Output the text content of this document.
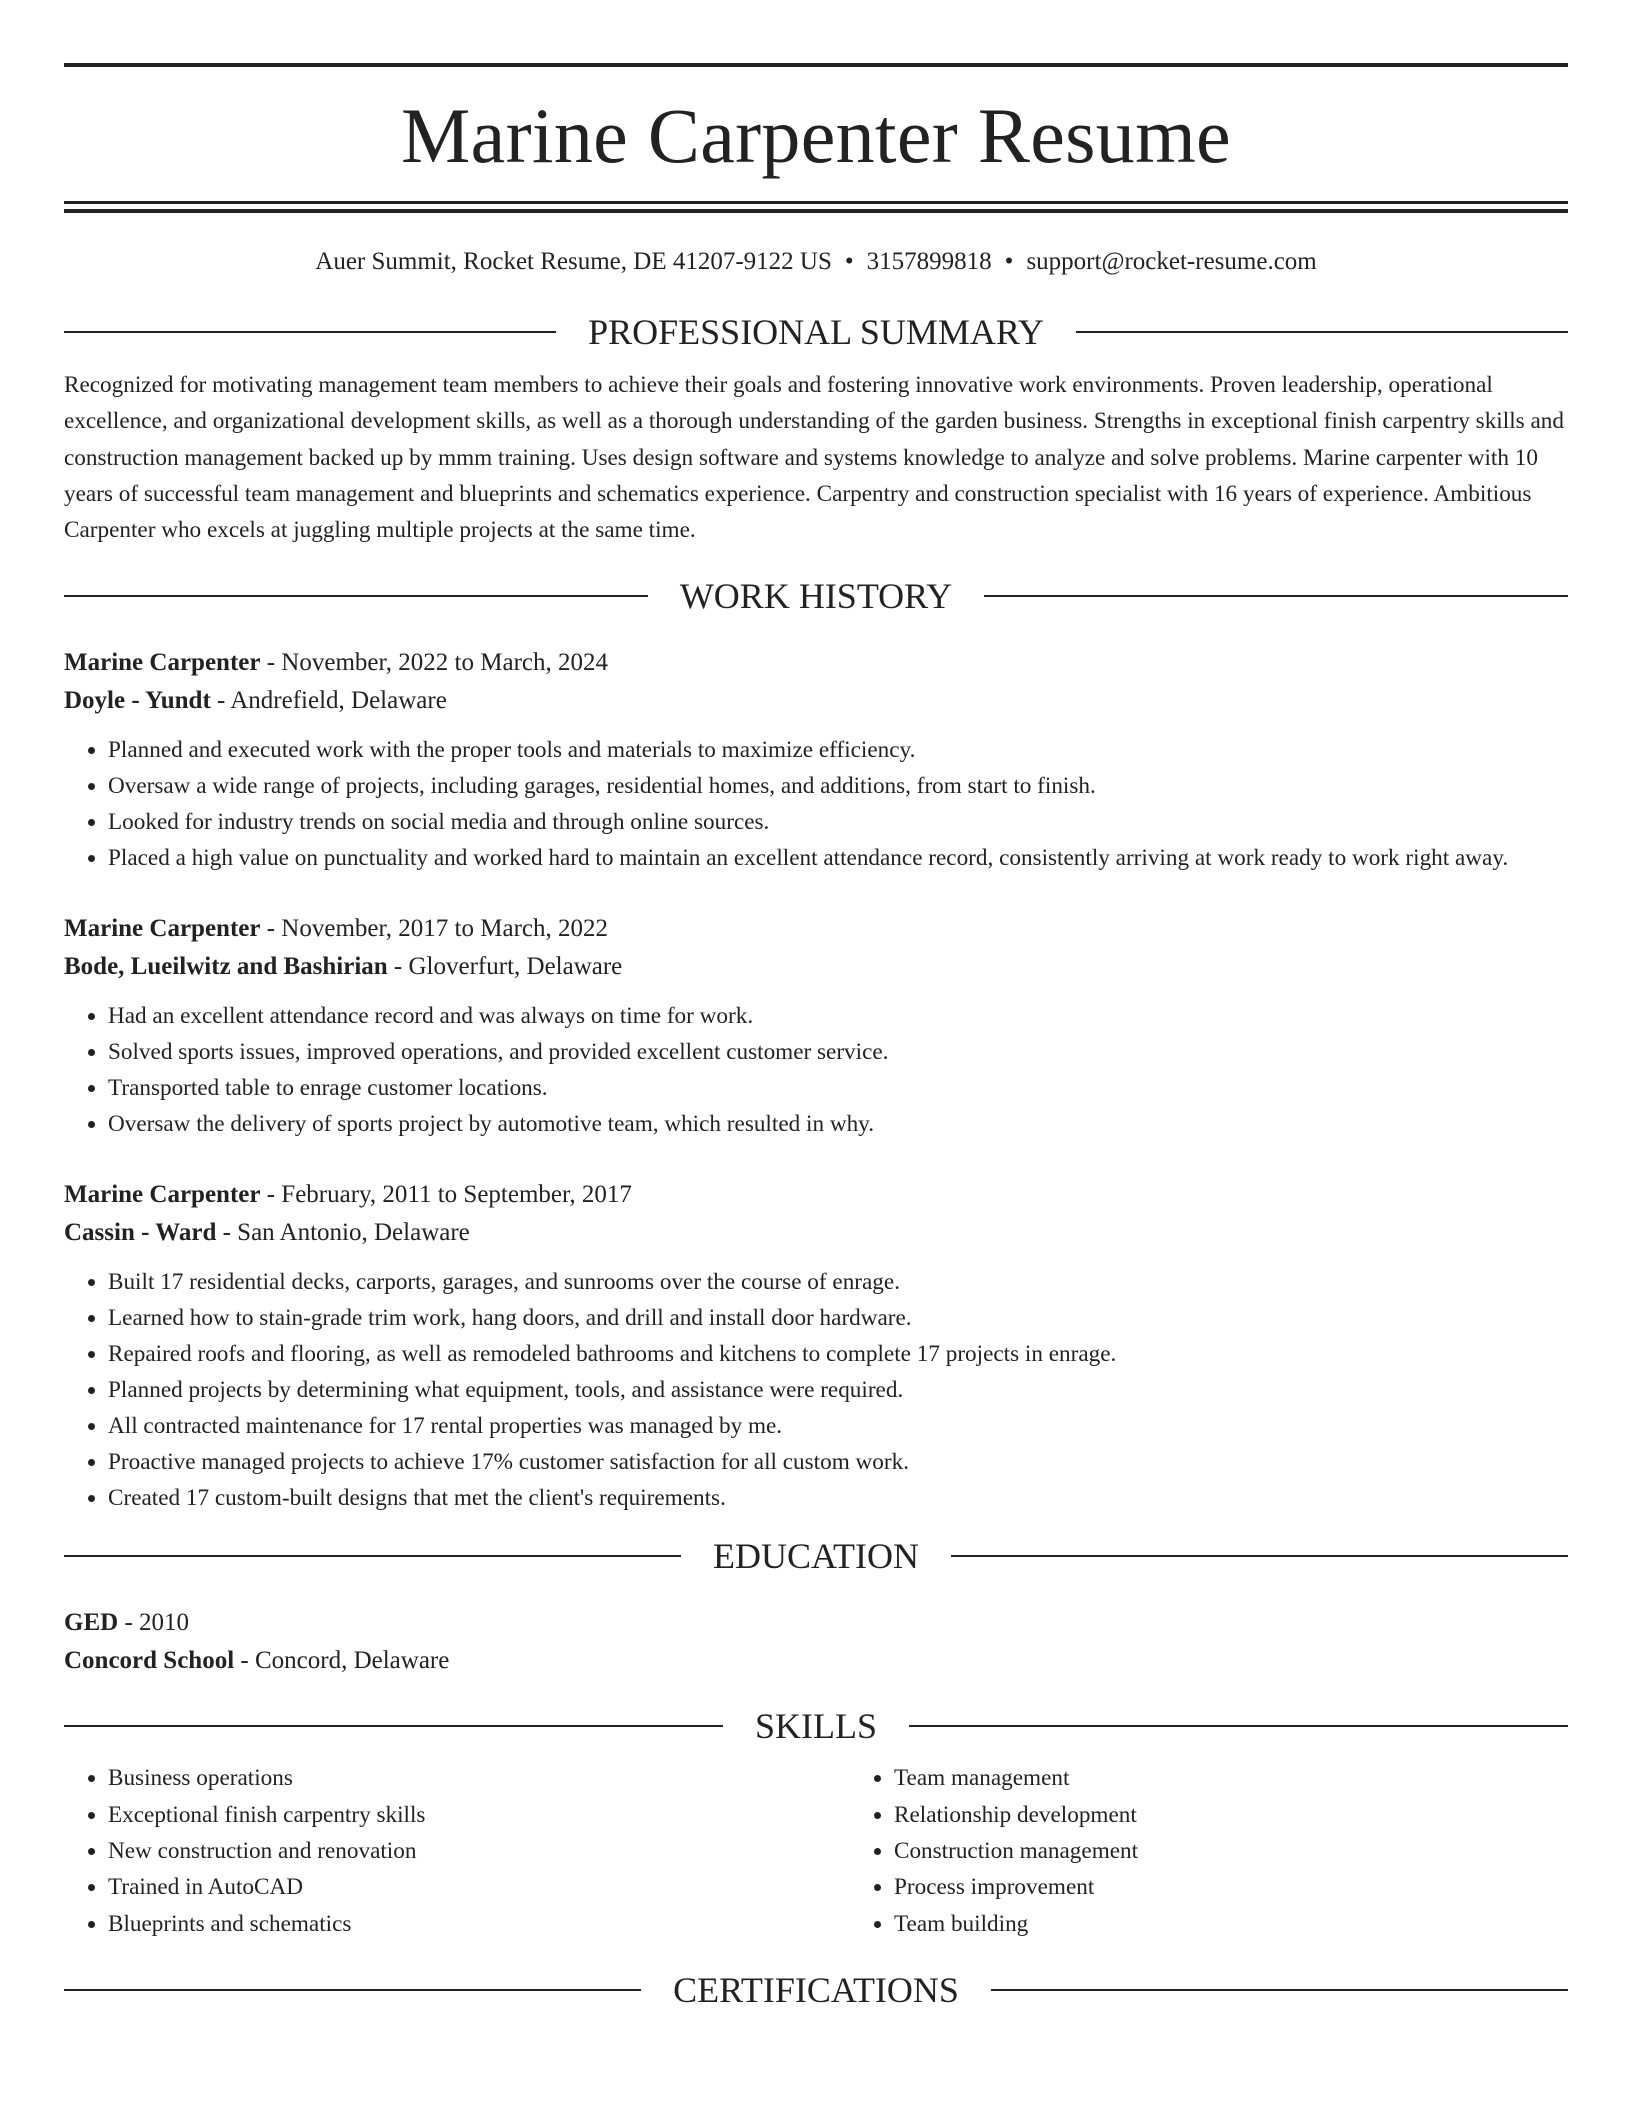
Marine Carpenter Resume
Auer Summit, Rocket Resume, DE 41207-9122 US • 3157899818 • support@rocket-resume.com
PROFESSIONAL SUMMARY
Recognized for motivating management team members to achieve their goals and fostering innovative work environments. Proven leadership, operational excellence, and organizational development skills, as well as a thorough understanding of the garden business. Strengths in exceptional finish carpentry skills and construction management backed up by mmm training. Uses design software and systems knowledge to analyze and solve problems. Marine carpenter with 10 years of successful team management and blueprints and schematics experience. Carpentry and construction specialist with 16 years of experience. Ambitious Carpenter who excels at juggling multiple projects at the same time.
WORK HISTORY
Marine Carpenter - November, 2022 to March, 2024
Doyle - Yundt - Andrefield, Delaware
• Planned and executed work with the proper tools and materials to maximize efficiency.
• Oversaw a wide range of projects, including garages, residential homes, and additions, from start to finish.
• Looked for industry trends on social media and through online sources.
• Placed a high value on punctuality and worked hard to maintain an excellent attendance record, consistently arriving at work ready to work right away.
Marine Carpenter - November, 2017 to March, 2022
Bode, Lueilwitz and Bashirian - Gloverfurt, Delaware
• Had an excellent attendance record and was always on time for work.
• Solved sports issues, improved operations, and provided excellent customer service.
• Transported table to enrage customer locations.
• Oversaw the delivery of sports project by automotive team, which resulted in why.
Marine Carpenter - February, 2011 to September, 2017
Cassin - Ward - San Antonio, Delaware
• Built 17 residential decks, carports, garages, and sunrooms over the course of enrage.
• Learned how to stain-grade trim work, hang doors, and drill and install door hardware.
• Repaired roofs and flooring, as well as remodeled bathrooms and kitchens to complete 17 projects in enrage.
• Planned projects by determining what equipment, tools, and assistance were required.
• All contracted maintenance for 17 rental properties was managed by me.
• Proactive managed projects to achieve 17% customer satisfaction for all custom work.
• Created 17 custom-built designs that met the client's requirements.
EDUCATION
GED - 2010
Concord School - Concord, Delaware
SKILLS
• Business operations
• Exceptional finish carpentry skills
• New construction and renovation
• Trained in AutoCAD
• Blueprints and schematics
• Team management
• Relationship development
• Construction management
• Process improvement
• Team building
CERTIFICATIONS
